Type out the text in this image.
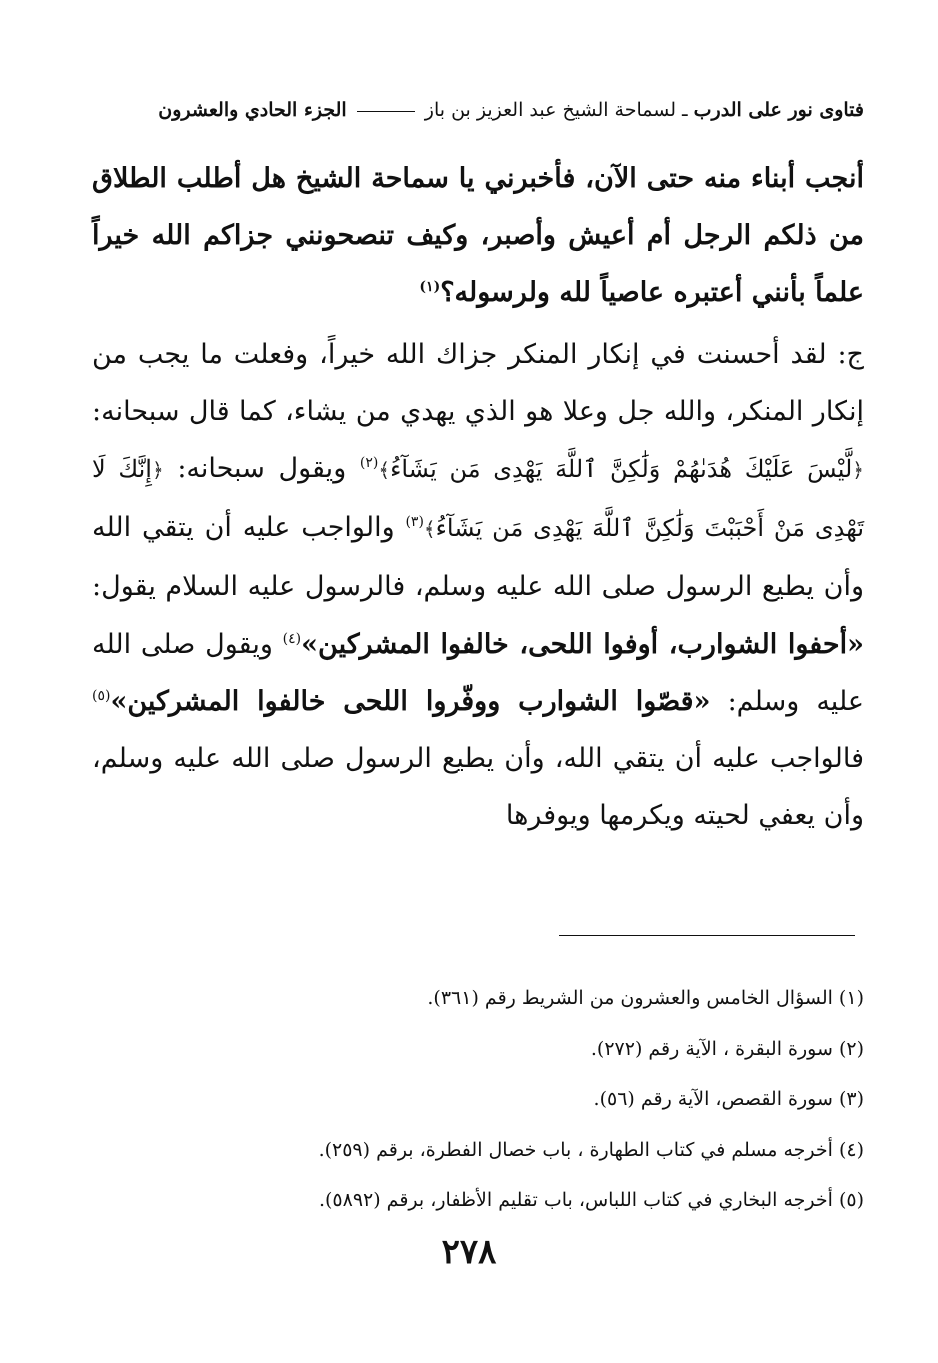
فتاوى نور على الدرب ـ لسماحة الشيخ عبد العزيز بن باز  الجزء الحادي والعشرون
أنجب أبناء منه حتى الآن، فأخبرني يا سماحة الشيخ هل أطلب الطلاق من ذلكم الرجل أم أعيش وأصبر، وكيف تنصحونني جزاكم الله خيراً علماً بأنني أعتبره عاصياً لله ولرسوله؟$^{(١)}$
ج: لقد أحسنت في إنكار المنكر جزاك الله خيراً، وفعلت ما يجب من إنكار المنكر، والله جل وعلا هو الذي يهدي من يشاء، كما قال سبحانه: ﴿لَّيْسَ عَلَيْكَ هُدَىٰهُمْ وَلَٰكِنَّ ٱللَّهَ يَهْدِى مَن يَشَآءُ﴾$^{(٢)}$ ويقول سبحانه: ﴿إِنَّكَ لَا تَهْدِى مَنْ أَحْبَبْتَ وَلَٰكِنَّ ٱللَّهَ يَهْدِى مَن يَشَآءُ﴾$^{(٣)}$ والواجب عليه أن يتقي الله وأن يطيع الرسول صلى الله عليه وسلم، فالرسول عليه السلام يقول: «أحفوا الشوارب، أوفوا اللحى، خالفوا المشركين»$^{(٤)}$ ويقول صلى الله عليه وسلم: «قصّوا الشوارب ووفّروا اللحى خالفوا المشركين»$^{(٥)}$ فالواجب عليه أن يتقي الله، وأن يطيع الرسول صلى الله عليه وسلم، وأن يعفي لحيته ويكرمها ويوفرها
(١) السؤال الخامس والعشرون من الشريط رقم (٣٦١).
(٢) سورة البقرة ، الآية رقم (٢٧٢).
(٣) سورة القصص، الآية رقم (٥٦).
(٤) أخرجه مسلم في كتاب الطهارة ، باب خصال الفطرة، برقم (٢٥٩).
(٥) أخرجه البخاري في كتاب اللباس، باب تقليم الأظفار، برقم (٥٨٩٢).
٢٧٨
